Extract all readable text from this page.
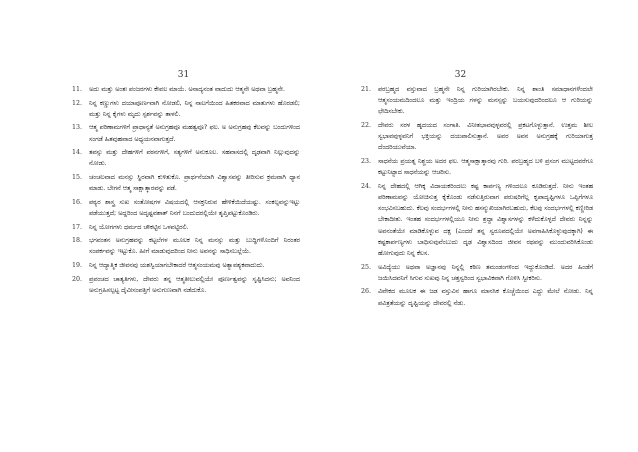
31
11.	ಅದು ಮತ್ತು ಅಂತಃ ಪಂಜರಗಳು ಕೇವಲ ಮಾಯೆ. ಅನಾದ್ಯನಂತ ವಾದುದು ಆತ್ಮನೇ ಅಥವಾ ಬ್ರಹ್ಮನೇ.
12.	ನಿನ್ನ ಕಣ್ಣುಗಳು ದಯಾಪೂರ್ಣವಾಗಿ ನೋಡಲಿ, ನಿನ್ನ ನಾಲಗೆಯಿಂದ ಹಿತಕರವಾದ ಮಾತುಗಳು ಹೊರಡಲಿ; ಮತ್ತು ನಿನ್ನ ಕೈಗಳು ಮೃದು ಸ್ಪರ್ಶವನ್ನು ತಾಳಲಿ.
13.	ಆತ್ಮ ಪರಿಣಾಮಗಳಿಗೆ ಪ್ರಾಧಾನ್ಯತೆ ಅನುಗ್ರಹವೂ ಮಹತ್ವವೂ? ಫಲ. ಅ ಅನುಗ್ರಹವು ಕೆಲವನ್ನು ಬಂದುಗಳಿಂದ ಸಂಗಡೆ ಹಿತವುಹವಾದ ಅಧ್ಯಯನವಾಗುತ್ತದೆ.
14.	ತಪಸ್ಸು ಮತ್ತು ದೇಹಗಳಿಗೆ ಪಠನಗಳಿಗೆ, ಸತ್ಯಗಳಿಗೆ ಅನುಕೂಲ. ಸಹವಾಸದಲ್ಲಿ ದೃಢವಾಗಿ ನಿಲ್ಲುವುದನ್ನು ನೋಡು.
15.	ಚಂಚಲವಾದ ಮನಸ್ಸು ಸ್ಥಿರವಾಗಿ ಕುಳಿತುಕೊ. ಪ್ರಾರ್ಥನೆಯಾಗಿ ವಿಶ್ವಾಸವನ್ನು ತೀರಿಸುವ ಕ್ರಮವಾಗಿ ಧ್ಯಾನ ಮಾಡು. ಬೇಗನೆ ಆತ್ಮ ಸಾಕ್ಷಾತ್ಕಾರವನ್ನು ಪಡೆ.
16.	ಪಠ್ಯರ ಶಾಸ್ತ್ರ ಸುಖ ಸಂತೋಷಗಳ ವಿಷಯದಲ್ಲಿ ಆಸಕ್ತನಿರುವ ಹೇಳಿಕೆಯಿದೆಯಷ್ಟು. ಸಂಕಲ್ಪವನ್ನುಇಟ್ಟು ಪಡೆಯುತ್ತದೆ; ಅದ್ದರಿಂದ ಅದೃಷ್ಟವಶಾತ್ ನಿನಗೆ ಬಂದುದರಲ್ಲಿಯೇ ತೃಪ್ತಿಪಟ್ಟುಕೊಂಡಿರು.
17.	ನಿನ್ನ ಯೋಗಗಳು ಧರ್ಮದ ಚೌಕಟ್ಟಿನ ಒಳಪಟ್ಟಿರಲಿ.
18.	ಭಗವಂತನ ಅನುಗ್ರಹವನ್ನು ಕಟ್ಟಲೆಗಳ ಮೂಲಕ ನಿನ್ನ ಮನಸ್ಸು ಮತ್ತು ಬುದ್ಧಿಗಳೊಂದಿಗೆ ನಿರಂತರ ಸಂಪರ್ಕವನ್ನು ಇಟ್ಟುಕೊ. ಹೀಗೆ ಮಾಡುವುದರಿಂದ ನೀನು ಅವನನ್ನು ಸಾಧಿಸಬಲ್ಲೆಯೆ.
19.	ನಿನ್ನ ಆದ್ಯಾತ್ಮಿಕ ಜೀವನವು ಯಶಸ್ವಿಯಾಗಬೇಕಾದರೆ ಆತ್ಮಸಂಯಮವು ಅತ್ಯಾವಶ್ಯಕವಾದುದು.
20.	ಪ್ರಪಂಚದ ಚಾತ್ಯತಿಗಳು, ದೇವರು ತನ್ನ ಆತ್ಮತೀಲುವಲ್ಲಿಯೇ ಪೂರ್ಣತ್ವವನ್ನು ಸೃಷ್ಟಿಸಿದನು; ಅವನಿಂದ ಅನುಗ್ರಹಿಸಲ್ಪಟ್ಟ ದೈವೀಸಂಪತ್ತಿಗೆ ಅನುಗುಣವಾಗಿ ನಡೆದುಕೊ.
32
21.	ಪರಬ್ರಹ್ಮದ ವಸ್ತುವಾದ ಬ್ರಹ್ಮನೇ ನಿನ್ನ ಗುರಿಯಾಗಿರಬೇಕು. ನಿನ್ನ ಶಾಂತಿ ಸಮಾಧಾನಗಳೆಂದಲೇ ಆತ್ಮಸಂಯಮದಿಂದಲೂ ಮತ್ತು ಇಂದ್ರಿಯ ಗಳನ್ನು ಮನಸ್ಸನ್ನು ಬಯಸುವುದರಿಂದಲೂ ಆ ಗುರಿಯನ್ನು ಛೇದಿಸಬೇಕು.
22.	ದೇವರು ಸರಳ ಹೃದಯದ ಸಂಗಾತಿ. ವಿನೀತಭಾವವುಳ್ಳವರಲ್ಲಿ ಪ್ರಕಟಗೊಳ್ಳುತ್ತಾನೆ. ಉತ್ತಮ ಶೀಲ ಸ್ವಭಾವವುಳ್ಳವನಿಗೆ ಭಕ್ತಿಯನ್ನು ದಯಪಾಲಿಸುತ್ತಾನೆ. ಅವರ ಅವನ ಅನುಗ್ರಹಕ್ಕೆ ಗುರಿಯಾಗುತ್ತ ದೆಂದರಿಯುವೆಯಾ.
23.	ಸಾಧನೆಯ ಪ್ರಯತ್ನ ನಿಶ್ಚಯ ಅದರ ಫಲ. ಆತ್ಮಸಾಕ್ಷಾತ್ಕಾರವು ಗುರಿ. ಪರಬ್ರಹ್ಮದ ಬಳಿ ಪ್ರಸಂಗ ಮುಟ್ಟದವರೆಗೂ ಕಟ್ಟುನಿಟ್ಟಾದ ಸಾಧನೆಯನ್ನು ಆಚರಿಸು.
24.	ನಿನ್ನ ದೇಹದಲ್ಲಿ ಆಗಿಕ್ಕ ವಿದಾಯಕರಿಂದಲು ಕಷ್ಟ ಕಾರ್ಪಣ್ಯ ಗಳಿಂದಲೂ ಕೂಡಿರುತ್ತದೆ. ನೀನು ಇಂತಹ ಪರಿಣಾಮವನ್ನು ಯೋಚಿಸುತ್ತ ಕೈಕೊಂಡು ನಡೆಸುತ್ತಿರುವಾಗ ಪರುಷರಿಗೆಲ್ಲ ಕೃಪಾದೃಷ್ಟಿಗಳೂ ಒಪ್ಪಿಗೆಗಳೂ ಸಂಭವಿಸಬಹುದು. ಕೆಲವು ಸಂದರ್ಭಗಳಲ್ಲಿ ನೀನು ಹಸನ್ಮುಖಿಯಾಗಿರಬಹುದು, ಕೆಲವು ಸಂದರ್ಭಗಳಲ್ಲಿ ಕಣ್ಣೀರಿಡ ಬೇಕಾದೀತು. ಇಂತಹ ಸಂದರ್ಭಗಳಲ್ಲಿಯೂ ನೀನು ಶ್ರದ್ಧಾ ವಿಶ್ವಾಸಗಳನ್ನು ಕಳೆದುಕೊಳ್ಳದೆ ದೇವರು ನಿನ್ನನ್ನು ಅವನಂತೆಯೇ ಮಾಡಿಕೊಳ್ಳುವ ದಕ್ಷ (ಎಂದರೆ ತನ್ನ ಸ್ವರೂಪದಲ್ಲಿಯೇ ಅವಗಾಹಿಸಿಕೊಳ್ಳುವುದಕ್ಕಾಗಿ) ಈ ಕಷ್ಟಕಾರ್ಪಣ್ಯಗಳು ಬಾಧಿಸುವುವೆಂಬುದು ದೃಢ ವಿಶ್ವಾಸದಿಂದ ಜೀವನ ರಥವನ್ನು ಮುಂದುವರಿಸಿಕೊಂಡು ಹೋಗುವುದು ನಿನ್ನ ಕೆಲಸ.
25.	ಅವಿದ್ಯೆಯು ಅಥವಾ ಅಜ್ಞಾನವು ನಿನ್ನಲ್ಲಿ ಕಠಿಣ ತಮಂಡಂಗಳಿಂದ ಇದ್ದುಕೊಂಡಿದೆ. ಅದರ ಹಿಂಡೆಗೆ ಜಯಿಸಿದವನಿಗೆ ಸಿಗುವ ಸುಖವು ನಿನ್ನ ಚತ್ತಸ್ವರಿಂದ ಸ್ವಭಾವಿಕವಾಗಿ ಗೊಳಿಸಿ ಸ್ವೀಕರಿಸು.
26.	ವಿವೇಕದ ಮೂಲಕ ಈ ಜಡ ವಸ್ತುವಿನ ಹಾಗೂ ಮಾನಸಿಕ ಕೊಚ್ಚೆಯಿಂದ ಎದ್ದು ಮೇಲೆ ನೋಡು. ನಿನ್ನ ಪವಿತ್ರತೆಯನ್ನು ದೃಷ್ಟಿಯನ್ನು ದೇವರಲ್ಲಿ ನೆಡು.
